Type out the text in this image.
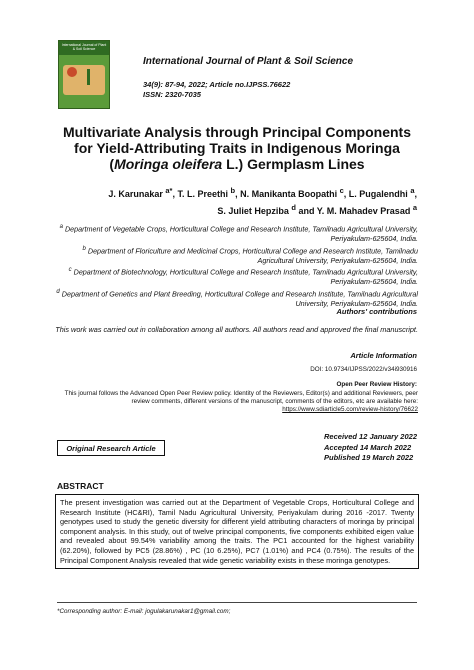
International Journal of Plant & Soil Science
International Journal of Plant & Soil Science
34(9): 87-94, 2022; Article no.IJPSS.76622
ISSN: 2320-7035
Multivariate Analysis through Principal Components
for Yield-Attributing Traits in Indigenous Moringa
(Moringa oleifera L.) Germplasm Lines
J. Karunakar $^{a*}$, T. L. Preethi $^b$, N. Manikanta Boopathi $^c$, L. Pugalendhi $^a$,
S. Juliet Hepziba $^d$ and Y. M. Mahadev Prasad $^a$

$^a$ Department of Vegetable Crops, Horticultural College and Research Institute, Tamilnadu Agricultural University, Periyakulam-625604, India.

$^b$ Department of Floriculture and Medicinal Crops, Horticultural College and Research Institute, Tamilnadu Agricultural University, Periyakulam-625604, India.

$^c$ Department of Biotechnology, Horticultural College and Research Institute, Tamilnadu Agricultural University, Periyakulam-625604, India.

$^d$ Department of Genetics and Plant Breeding, Horticultural College and Research Institute, Tamilnadu Agricultural University, Periyakulam-625604, India.

Authors' contributions
This work was carried out in collaboration among all authors. All authors read and approved the final manuscript.
Article Information
DOI: 10.9734/IJPSS/2022/v34i930916
Open Peer Review History:
This journal follows the Advanced Open Peer Review policy. Identity of the Reviewers, Editor(s) and additional Reviewers, peer review comments, different versions of the manuscript, comments of the editors, etc are available here:
https://www.sdiarticle5.com/review-history/76622
Original Research Article
Received 12 January 2022
Accepted 14 March 2022
Published 19 March 2022
ABSTRACT
The present investigation was carried out at the Department of Vegetable Crops, Horticultural College and Research Institute (HC&RI), Tamil Nadu Agricultural University, Periyakulam during 2016 -2017. Twenty genotypes used to study the genetic diversity for different yield attributing characters of moringa by principal component analysis. In this study, out of twelve principal components, five components exhibited eigen value and revealed about 99.54% variability among the traits. The PC1 accounted for the highest variability (62.20%), followed by PC5 (28.86%) , PC (10 6.25%), PC7 (1.01%) and PC4 (0.75%). The results of the Principal Component Analysis revealed that wide genetic variability exists in these moringa genotypes.
*Corresponding author: E-mail: jogulakarunakar1@gmail.com;
